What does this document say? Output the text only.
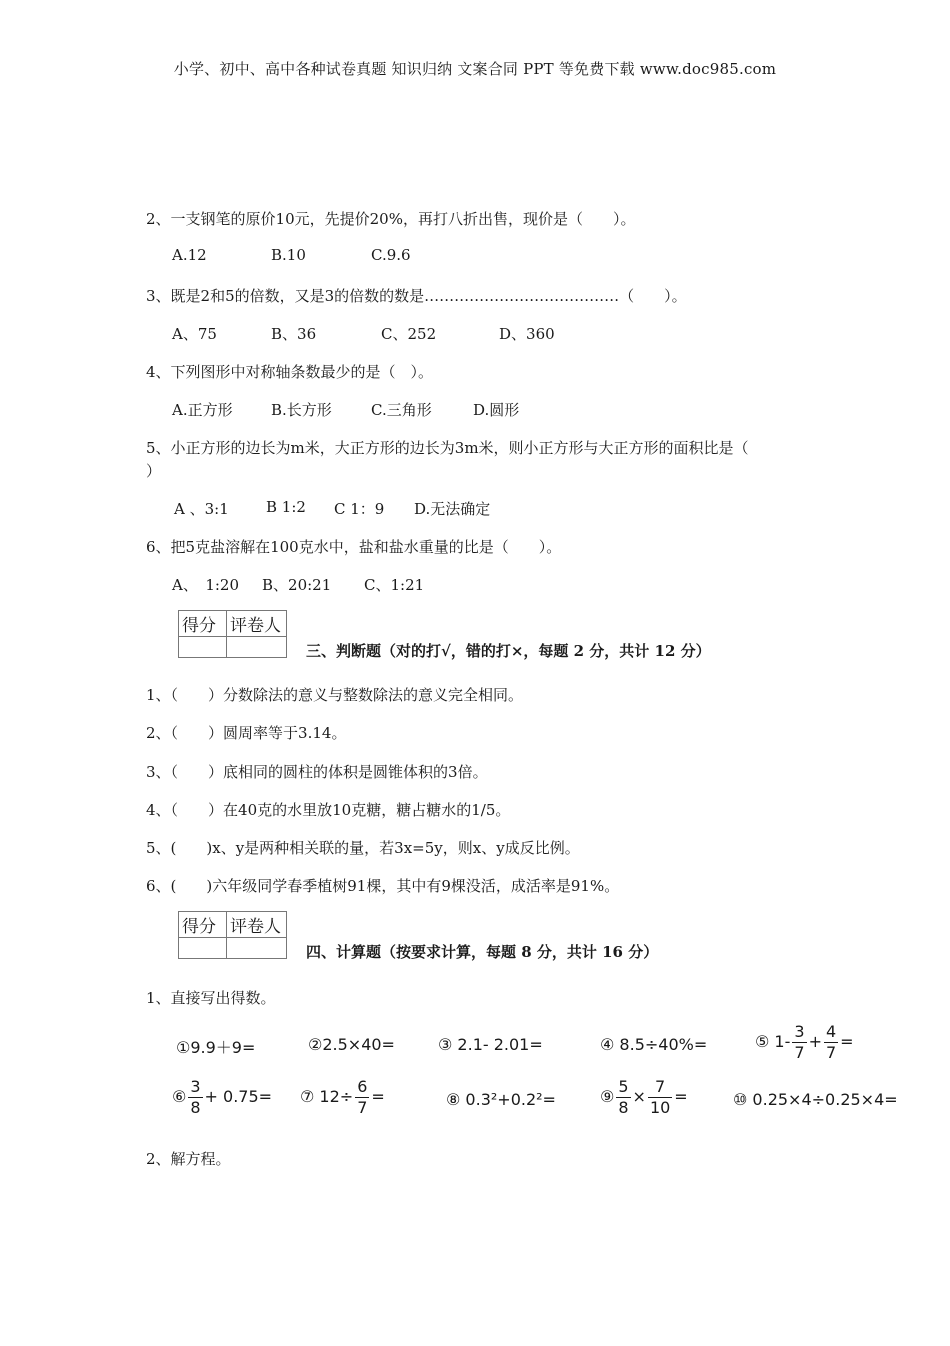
小学、初中、高中各种试卷真题 知识归纳 文案合同 PPT 等免费下载 www.doc985.com
2、一支钢笔的原价10元，先提价20%，再打八折出售，现价是（　　）。
A.12	B.10	C.9.6
3、既是2和5的倍数，又是3的倍数的数是…………………………………（　　）。
A、75	B、36	C、252	D、360
4、下列图形中对称轴条数最少的是（　）。
A.正方形	B.长方形	C.三角形	D.圆形
5、小正方形的边长为m米，大正方形的边长为3m米，则小正方形与大正方形的面积比是（
）
A 、3:1 B 1:2 C 1：9 D.无法确定
6、把5克盐溶解在100克水中，盐和盐水重量的比是（　　）。
A、　1:20 B、20:21 C、1:21
得分	评卷人

三、判断题（对的打√，错的打×，每题 2 分，共计 12 分）
1、（　　）分数除法的意义与整数除法的意义完全相同。
2、（　　）圆周率等于3.14。
3、（　　）底相同的圆柱的体积是圆锥体积的3倍。
4、（　　）在40克的水里放10克糖，糖占糖水的1/5。
5、(　　)x、y是两种相关联的量，若3x=5y，则x、y成反比例。
6、(　　)六年级同学春季植树91棵，其中有9棵没活，成活率是91%。
得分	评卷人

四、计算题（按要求计算，每题 8 分，共计 16 分）
1、直接写出得数。
①9.9＋9=	②2.5×40=	③ 2.1- 2.01=	④ 8.5÷40%=	⑤ $1- \frac{3}{7} + \frac{4}{7}$ =
⑥ $\frac{3}{8} + 0.75=$ ⑦ $12\div \frac{6}{7}$ =	⑧ 0.3²+0.2²=	⑨ $\frac{5}{8} \times \frac{7}{10}$ =	⑩ 0.25×4÷0.25×4=
2、解方程。
